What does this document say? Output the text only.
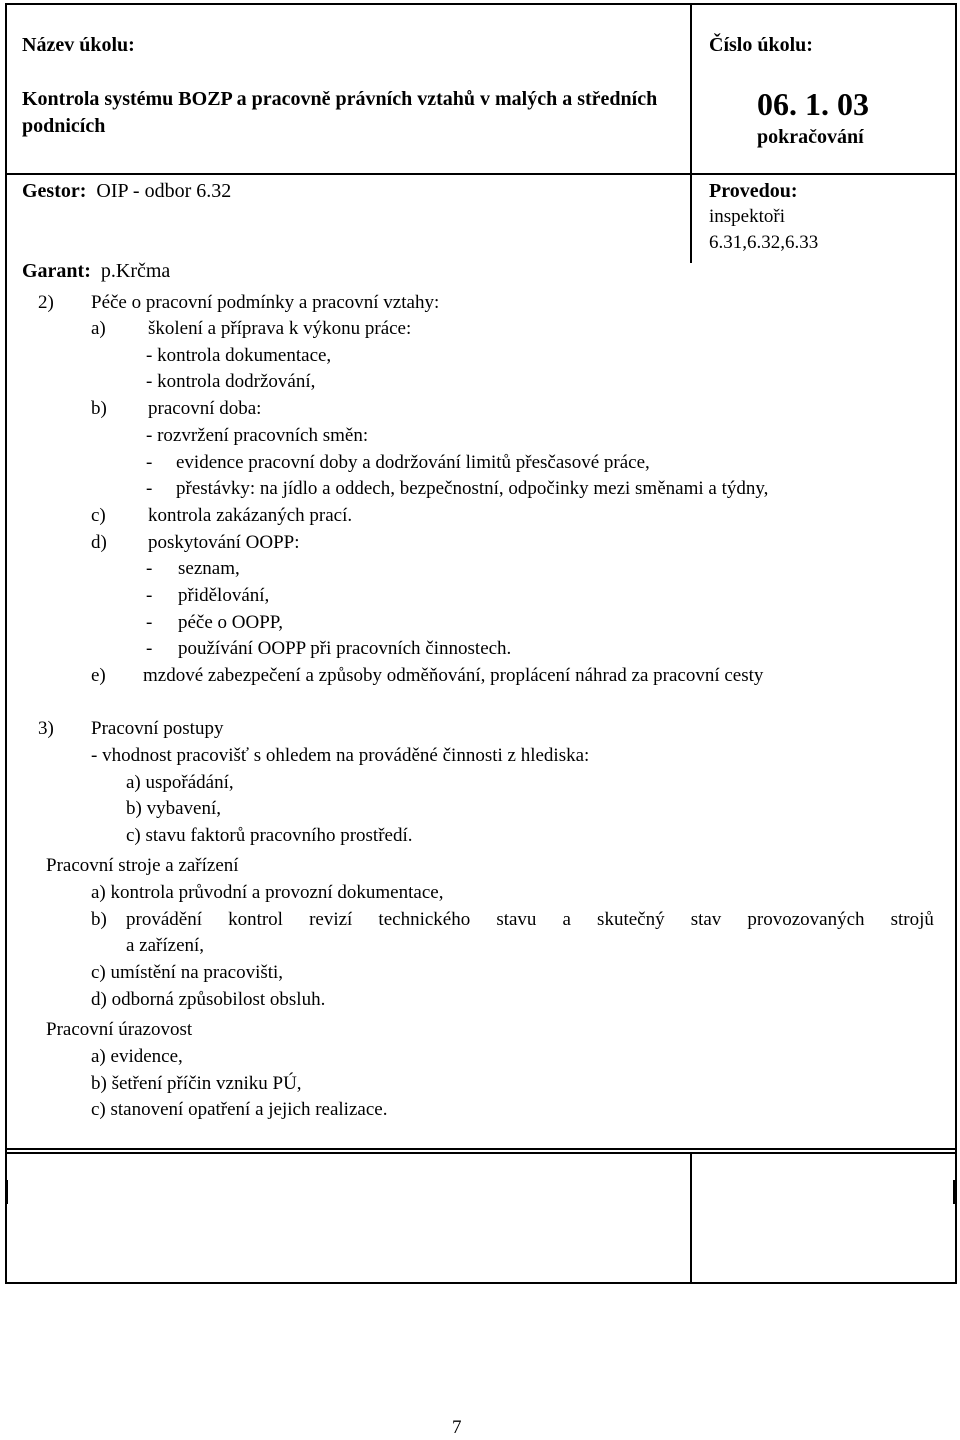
Název úkolu:
Kontrola systému BOZP a pracovně právních vztahů v malých a středních podnicích
Číslo úkolu:
06. 1. 03
pokračování
Gestor: OIP - odbor 6.32
Garant: p.Krčma
Provedou:
inspektoři
6.31,6.32,6.33
2) Péče o pracovní podmínky a pracovní vztahy:
a) školení a příprava k výkonu práce:
- kontrola dokumentace,
- kontrola dodržování,
b) pracovní doba:
- rozvržení pracovních směn:
- evidence pracovní doby a dodržování limitů přesčasové práce,
- přestávky: na jídlo a oddech, bezpečnostní, odpočinky mezi směnami a týdny,
c) kontrola zakázaných prací.
d) poskytování OOPP:
- seznam,
- přidělování,
- péče o OOPP,
- používání OOPP při pracovních činnostech.
e) mzdové zabezpečení a způsoby odměňování, proplácení náhrad za pracovní cesty
3) Pracovní postupy
- vhodnost pracovišť s ohledem na prováděné činnosti z hlediska:
a) uspořádání,
b) vybavení,
c) stavu faktorů pracovního prostředí.
Pracovní stroje a zařízení
a) kontrola průvodní a provozní dokumentace,
b) provádění kontrol revizí technického stavu a skutečný stav provozovaných strojů
a zařízení,
c) umístění na pracovišti,
d) odborná způsobilost obsluh.
Pracovní úrazovost
a) evidence,
b) šetření příčin vzniku PÚ,
c) stanovení opatření a jejich realizace.
7
